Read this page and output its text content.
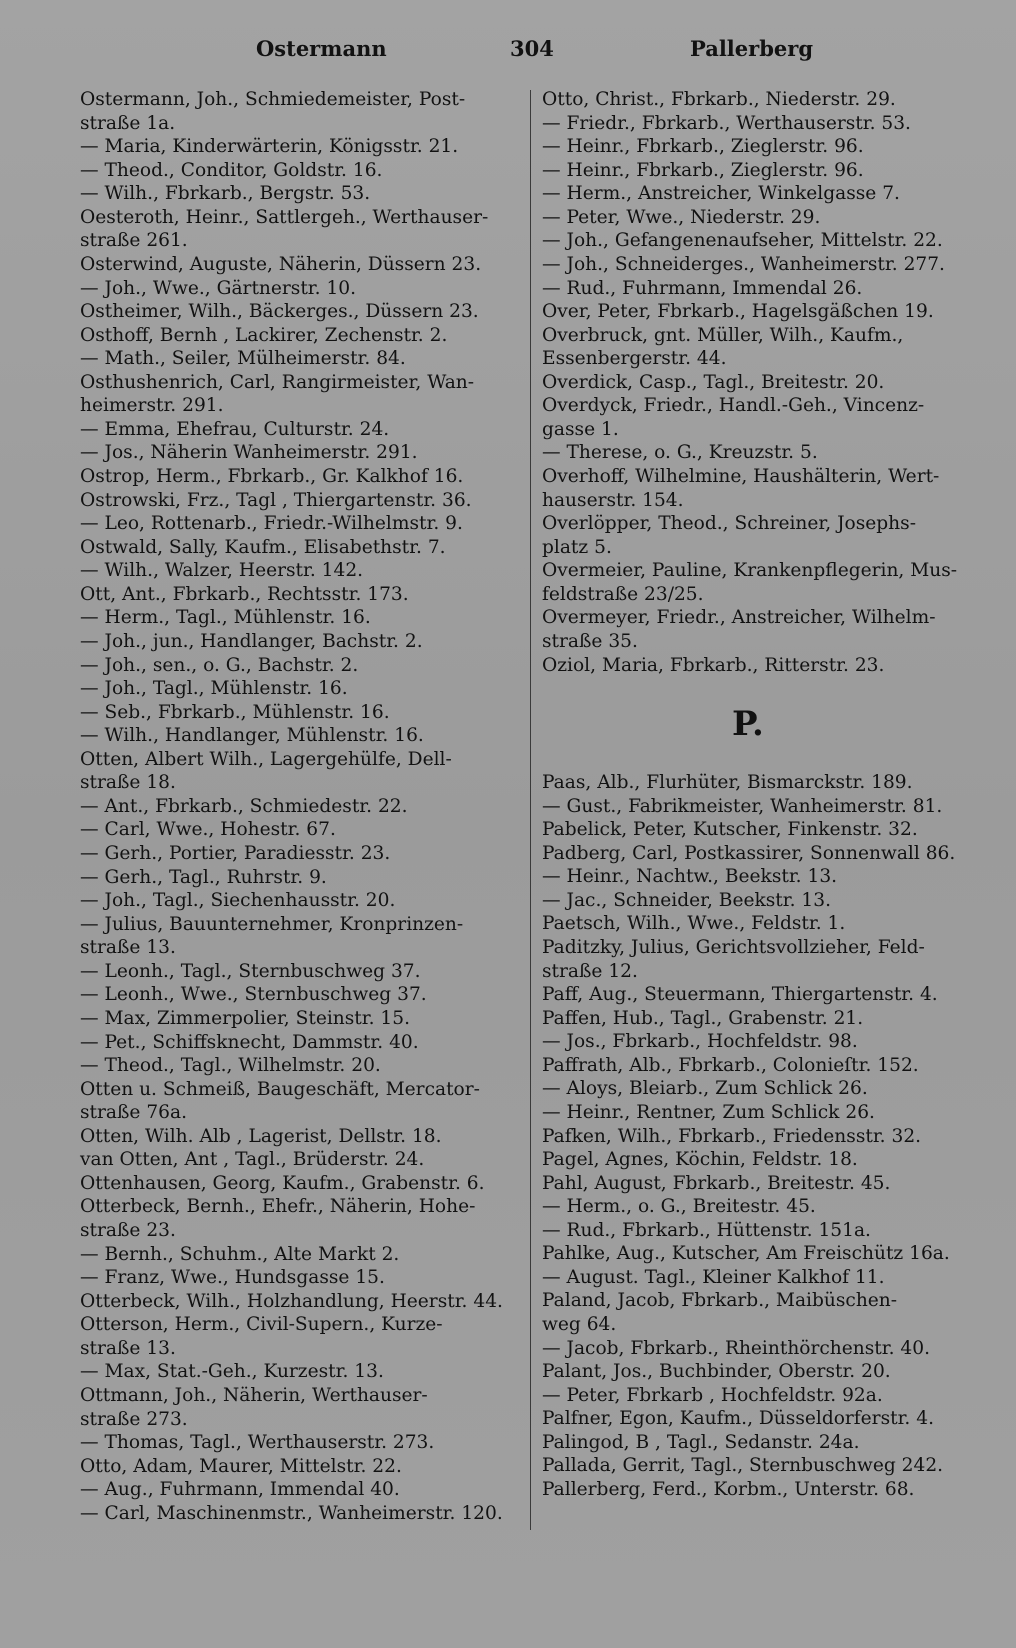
Ostermann	304	Pallerberg
Ostermann, Joh., Schmiedemeister, Post-
straße 1a.
— Maria, Kinderwärterin, Königsstr. 21.
— Theod., Conditor, Goldstr. 16.
— Wilh., Fbrkarb., Bergstr. 53.
Oesteroth, Heinr., Sattlergeh., Werthauser-
straße 261.
Osterwind, Auguste, Näherin, Düssern 23.
— Joh., Wwe., Gärtnerstr. 10.
Ostheimer, Wilh., Bäckerges., Düssern 23.
Osthoff, Bernh , Lackirer, Zechenstr. 2.
— Math., Seiler, Mülheimerstr. 84.
Osthushenrich, Carl, Rangirmeister, Wan-
heimerstr. 291.
— Emma, Ehefrau, Culturstr. 24.
— Jos., Näherin Wanheimerstr. 291.
Ostrop, Herm., Fbrkarb., Gr. Kalkhof 16.
Ostrowski, Frz., Tagl , Thiergartenstr. 36.
— Leo, Rottenarb., Friedr.-Wilhelmstr. 9.
Ostwald, Sally, Kaufm., Elisabethstr. 7.
— Wilh., Walzer, Heerstr. 142.
Ott, Ant., Fbrkarb., Rechtsstr. 173.
— Herm., Tagl., Mühlenstr. 16.
— Joh., jun., Handlanger, Bachstr. 2.
— Joh., sen., o. G., Bachstr. 2.
— Joh., Tagl., Mühlenstr. 16.
— Seb., Fbrkarb., Mühlenstr. 16.
— Wilh., Handlanger, Mühlenstr. 16.
Otten, Albert Wilh., Lagergehülfe, Dell-
straße 18.
— Ant., Fbrkarb., Schmiedestr. 22.
— Carl, Wwe., Hohestr. 67.
— Gerh., Portier, Paradiesstr. 23.
— Gerh., Tagl., Ruhrstr. 9.
— Joh., Tagl., Siechenhausstr. 20.
— Julius, Bauunternehmer, Kronprinzen-
straße 13.
— Leonh., Tagl., Sternbuschweg 37.
— Leonh., Wwe., Sternbuschweg 37.
— Max, Zimmerpolier, Steinstr. 15.
— Pet., Schiffsknecht, Dammstr. 40.
— Theod., Tagl., Wilhelmstr. 20.
Otten u. Schmeiß, Baugeschäft, Mercator-
straße 76a.
Otten, Wilh. Alb , Lagerist, Dellstr. 18.
van Otten, Ant , Tagl., Brüderstr. 24.
Ottenhausen, Georg, Kaufm., Grabenstr. 6.
Otterbeck, Bernh., Ehefr., Näherin, Hohe-
straße 23.
— Bernh., Schuhm., Alte Markt 2.
— Franz, Wwe., Hundsgasse 15.
Otterbeck, Wilh., Holzhandlung, Heerstr. 44.
Otterson, Herm., Civil-Supern., Kurze-
straße 13.
— Max, Stat.-Geh., Kurzestr. 13.
Ottmann, Joh., Näherin, Werthauser-
straße 273.
— Thomas, Tagl., Werthauserstr. 273.
Otto, Adam, Maurer, Mittelstr. 22.
— Aug., Fuhrmann, Immendal 40.
— Carl, Maschinenmstr., Wanheimerstr. 120.
Otto, Christ., Fbrkarb., Niederstr. 29.
— Friedr., Fbrkarb., Werthauserstr. 53.
— Heinr., Fbrkarb., Zieglerstr. 96.
— Heinr., Fbrkarb., Zieglerstr. 96.
— Herm., Anstreicher, Winkelgasse 7.
— Peter, Wwe., Niederstr. 29.
— Joh., Gefangenenaufseher, Mittelstr. 22.
— Joh., Schneiderges., Wanheimerstr. 277.
— Rud., Fuhrmann, Immendal 26.
Over, Peter, Fbrkarb., Hagelsgäßchen 19.
Overbruck, gnt. Müller, Wilh., Kaufm.,
Essenbergerstr. 44.
Overdick, Casp., Tagl., Breitestr. 20.
Overdyck, Friedr., Handl.-Geh., Vincenz-
gasse 1.
— Therese, o. G., Kreuzstr. 5.
Overhoff, Wilhelmine, Haushälterin, Wert-
hauserstr. 154.
Overlöpper, Theod., Schreiner, Josephs-
platz 5.
Overmeier, Pauline, Krankenpflegerin, Mus-
feldstraße 23/25.
Overmeyer, Friedr., Anstreicher, Wilhelm-
straße 35.
Oziol, Maria, Fbrkarb., Ritterstr. 23.
P.
Paas, Alb., Flurhüter, Bismarckstr. 189.
— Gust., Fabrikmeister, Wanheimerstr. 81.
Pabelick, Peter, Kutscher, Finkenstr. 32.
Padberg, Carl, Postkassirer, Sonnenwall 86.
— Heinr., Nachtw., Beekstr. 13.
— Jac., Schneider, Beekstr. 13.
Paetsch, Wilh., Wwe., Feldstr. 1.
Paditzky, Julius, Gerichtsvollzieher, Feld-
straße 12.
Paff, Aug., Steuermann, Thiergartenstr. 4.
Paffen, Hub., Tagl., Grabenstr. 21.
— Jos., Fbrkarb., Hochfeldstr. 98.
Paffrath, Alb., Fbrkarb., Colonieſtr. 152.
— Aloys, Bleiarb., Zum Schlick 26.
— Heinr., Rentner, Zum Schlick 26.
Pafken, Wilh., Fbrkarb., Friedensstr. 32.
Pagel, Agnes, Köchin, Feldstr. 18.
Pahl, August, Fbrkarb., Breitestr. 45.
— Herm., o. G., Breitestr. 45.
— Rud., Fbrkarb., Hüttenstr. 151a.
Pahlke, Aug., Kutscher, Am Freischütz 16a.
— August. Tagl., Kleiner Kalkhof 11.
Paland, Jacob, Fbrkarb., Maibüschen-
weg 64.
— Jacob, Fbrkarb., Rheinthörchenstr. 40.
Palant, Jos., Buchbinder, Oberstr. 20.
— Peter, Fbrkarb , Hochfeldstr. 92a.
Palfner, Egon, Kaufm., Düsseldorferstr. 4.
Palingod, B , Tagl., Sedanstr. 24a.
Pallada, Gerrit, Tagl., Sternbuschweg 242.
Pallerberg, Ferd., Korbm., Unterstr. 68.
